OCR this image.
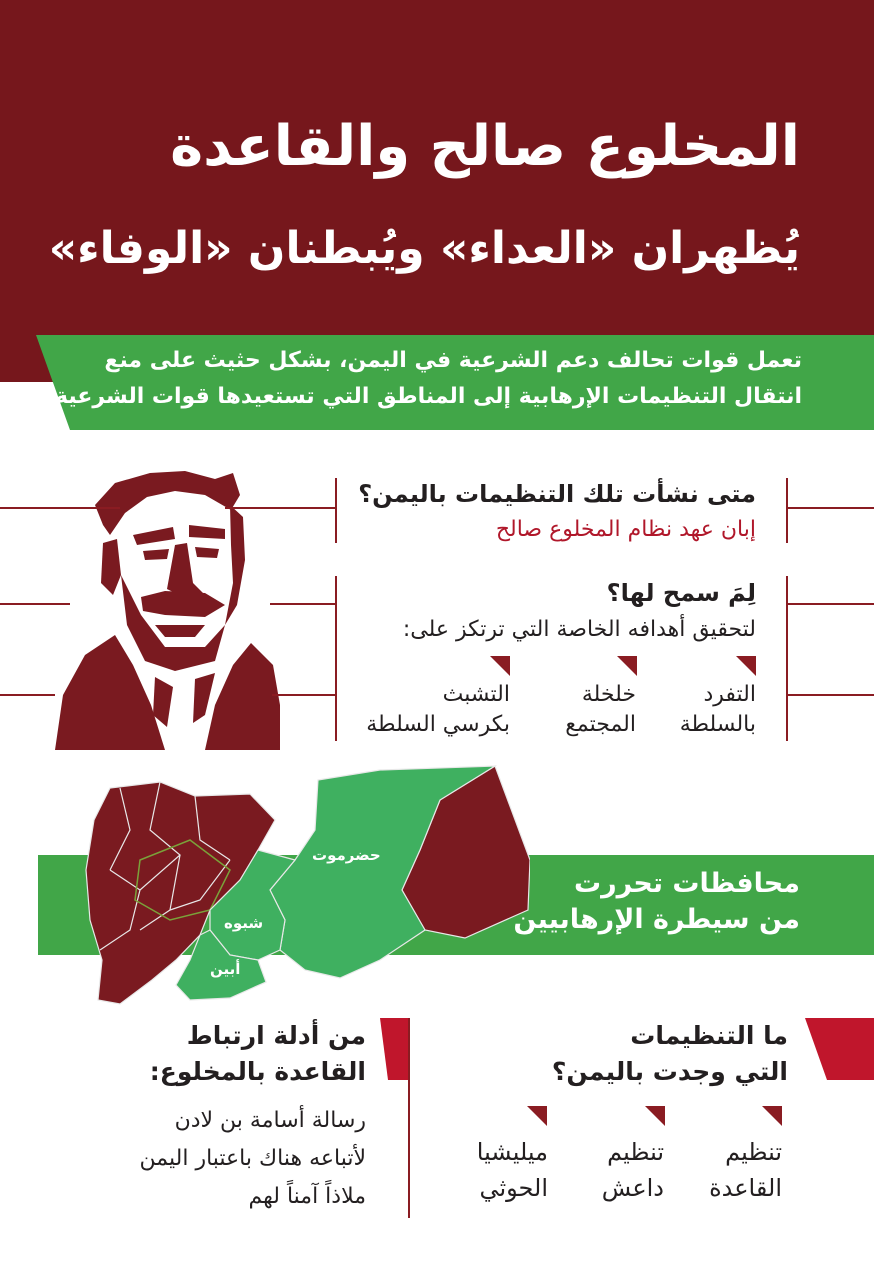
المخلوع صالح والقاعدة
يُظهران «العداء» ويُبطنان «الوفاء»
تعمل قوات تحالف دعم الشرعية في اليمن، بشكل حثيث على منع
انتقال التنظيمات الإرهابية إلى المناطق التي تستعيدها قوات الشرعية
متى نشأت تلك التنظيمات باليمن؟
إبان عهد نظام المخلوع صالح
لِمَ سمح لها؟
لتحقيق أهدافه الخاصة التي ترتكز على:
التفرد
بالسلطة
خلخلة
المجتمع
التشبث
بكرسي السلطة
محافظات تحررت
من سيطرة الإرهابيين
حضرموت
شبوه
أبين
ما التنظيمات
التي وجدت باليمن؟
تنظيم
القاعدة
تنظيم
داعش
ميليشيا
الحوثي
من أدلة ارتباط
القاعدة بالمخلوع:
رسالة أسامة بن لادن
لأتباعه هناك باعتبار اليمن
ملاذاً آمناً لهم
